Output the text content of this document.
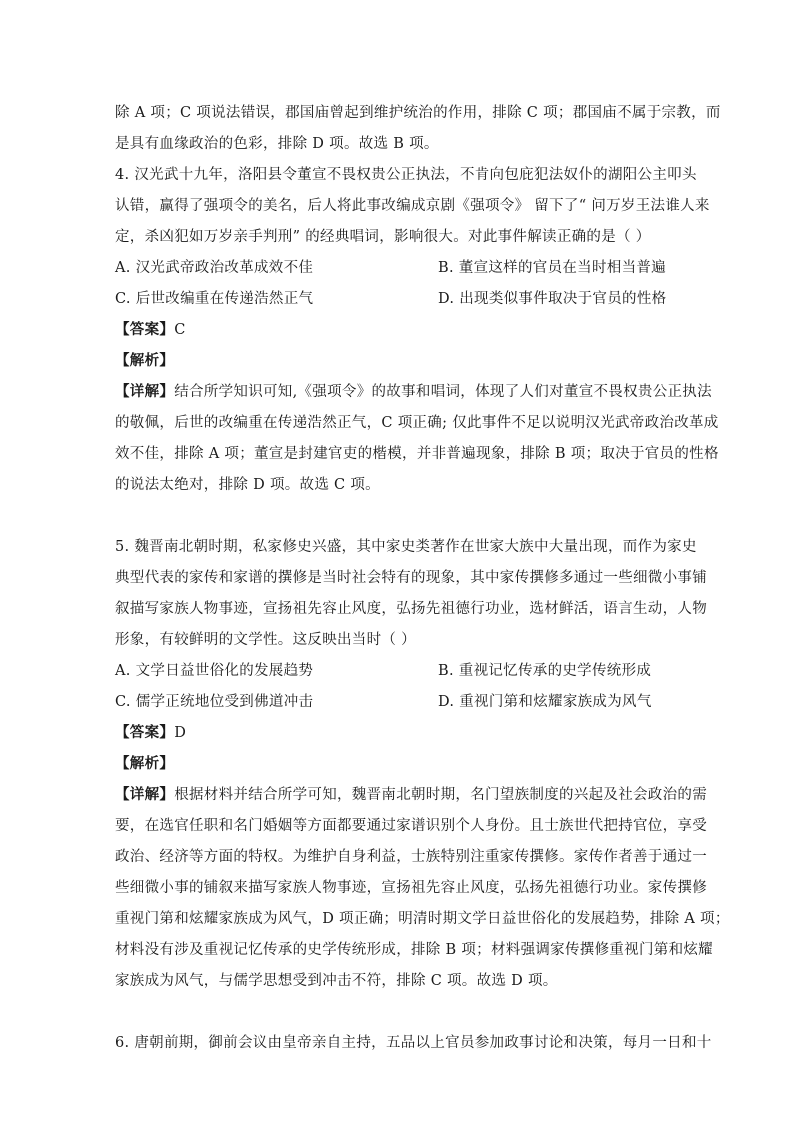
除 A 项；C 项说法错误，郡国庙曾起到维护统治的作用，排除 C 项；郡国庙不属于宗教，而
是具有血缘政治的色彩，排除 D 项。故选 B 项。
4. 汉光武十九年，洛阳县令董宣不畏权贵公正执法，不肯向包庇犯法奴仆的湖阳公主叩头
认错，赢得了强项令的美名，后人将此事改编成京剧《强项令》 留下了“ 问万岁王法谁人来
定，杀凶犯如万岁亲手判刑” 的经典唱词，影响很大。对此事件解读正确的是（ ）
A. 汉光武帝政治改革成效不佳	B. 董宣这样的官员在当时相当普遍
C. 后世改编重在传递浩然正气	D. 出现类似事件取决于官员的性格
【答案】C
【解析】
【详解】结合所学知识可知,《强项令》的故事和唱词，体现了人们对董宣不畏权贵公正执法
的敬佩，后世的改编重在传递浩然正气，C 项正确; 仅此事件不足以说明汉光武帝政治改革成
效不佳，排除 A 项；董宣是封建官吏的楷模，并非普遍现象，排除 B 项；取决于官员的性格
的说法太绝对，排除 D 项。故选 C 项。
5. 魏晋南北朝时期，私家修史兴盛，其中家史类著作在世家大族中大量出现，而作为家史
典型代表的家传和家谱的撰修是当时社会特有的现象，其中家传撰修多通过一些细微小事铺
叙描写家族人物事迹，宣扬祖先容止风度，弘扬先祖德行功业，选材鲜活，语言生动，人物
形象，有较鲜明的文学性。这反映出当时（ ）
A. 文学日益世俗化的发展趋势	B. 重视记忆传承的史学传统形成
C. 儒学正统地位受到佛道冲击	D. 重视门第和炫耀家族成为风气
【答案】D
【解析】
【详解】根据材料并结合所学可知，魏晋南北朝时期，名门望族制度的兴起及社会政治的需
要，在选官任职和名门婚姻等方面都要通过家谱识别个人身份。且士族世代把持官位，享受
政治、经济等方面的特权。为维护自身利益，士族特别注重家传撰修。家传作者善于通过一
些细微小事的铺叙来描写家族人物事迹，宣扬祖先容止风度，弘扬先祖德行功业。家传撰修
重视门第和炫耀家族成为风气，D 项正确；明清时期文学日益世俗化的发展趋势，排除 A 项；
材料没有涉及重视记忆传承的史学传统形成，排除 B 项；材料强调家传撰修重视门第和炫耀
家族成为风气，与儒学思想受到冲击不符，排除 C 项。故选 D 项。
6. 唐朝前期，御前会议由皇帝亲自主持，五品以上官员参加政事讨论和决策，每月一日和十
